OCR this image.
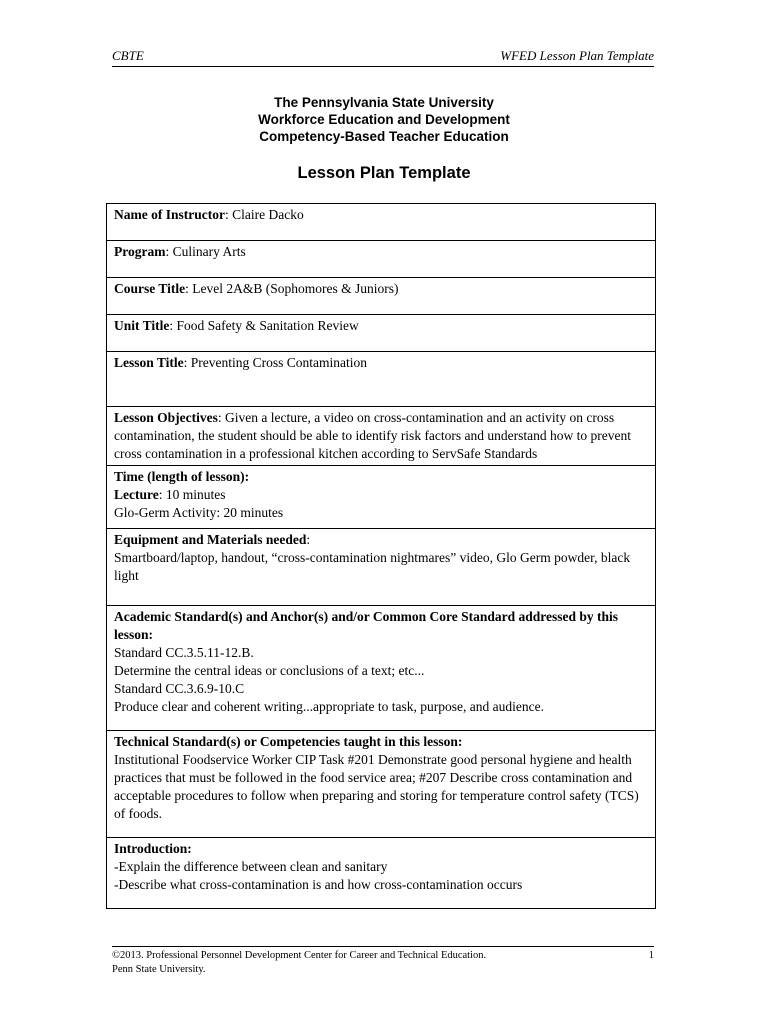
CBTE	WFED Lesson Plan Template
The Pennsylvania State University
Workforce Education and Development
Competency-Based Teacher Education
Lesson Plan Template
Name of Instructor: Claire Dacko
Program: Culinary Arts
Course Title: Level 2A&B (Sophomores & Juniors)
Unit Title: Food Safety & Sanitation Review
Lesson Title: Preventing Cross Contamination
Lesson Objectives: Given a lecture, a video on cross-contamination and an activity on cross contamination, the student should be able to identify risk factors and understand how to prevent cross contamination in a professional kitchen according to ServSafe Standards

Time (length of lesson):
Lecture: 10 minutes
Glo-Germ Activity: 20 minutes

Equipment and Materials needed:
Smartboard/laptop, handout, “cross-contamination nightmares” video, Glo Germ powder, black light

Academic Standard(s) and Anchor(s) and/or Common Core Standard addressed by this lesson:
Standard CC.3.5.11-12.B.
Determine the central ideas or conclusions of a text; etc...
Standard CC.3.6.9-10.C
Produce clear and coherent writing...appropriate to task, purpose, and audience.

Technical Standard(s) or Competencies taught in this lesson:
Institutional Foodservice Worker CIP Task #201 Demonstrate good personal hygiene and health practices that must be followed in the food service area; #207 Describe cross contamination and acceptable procedures to follow when preparing and storing for temperature control safety (TCS) of foods.

Introduction:
-Explain the difference between clean and sanitary
-Describe what cross-contamination is and how cross-contamination occurs
©2013. Professional Personnel Development Center for Career and Technical Education.
Penn State University.
1
